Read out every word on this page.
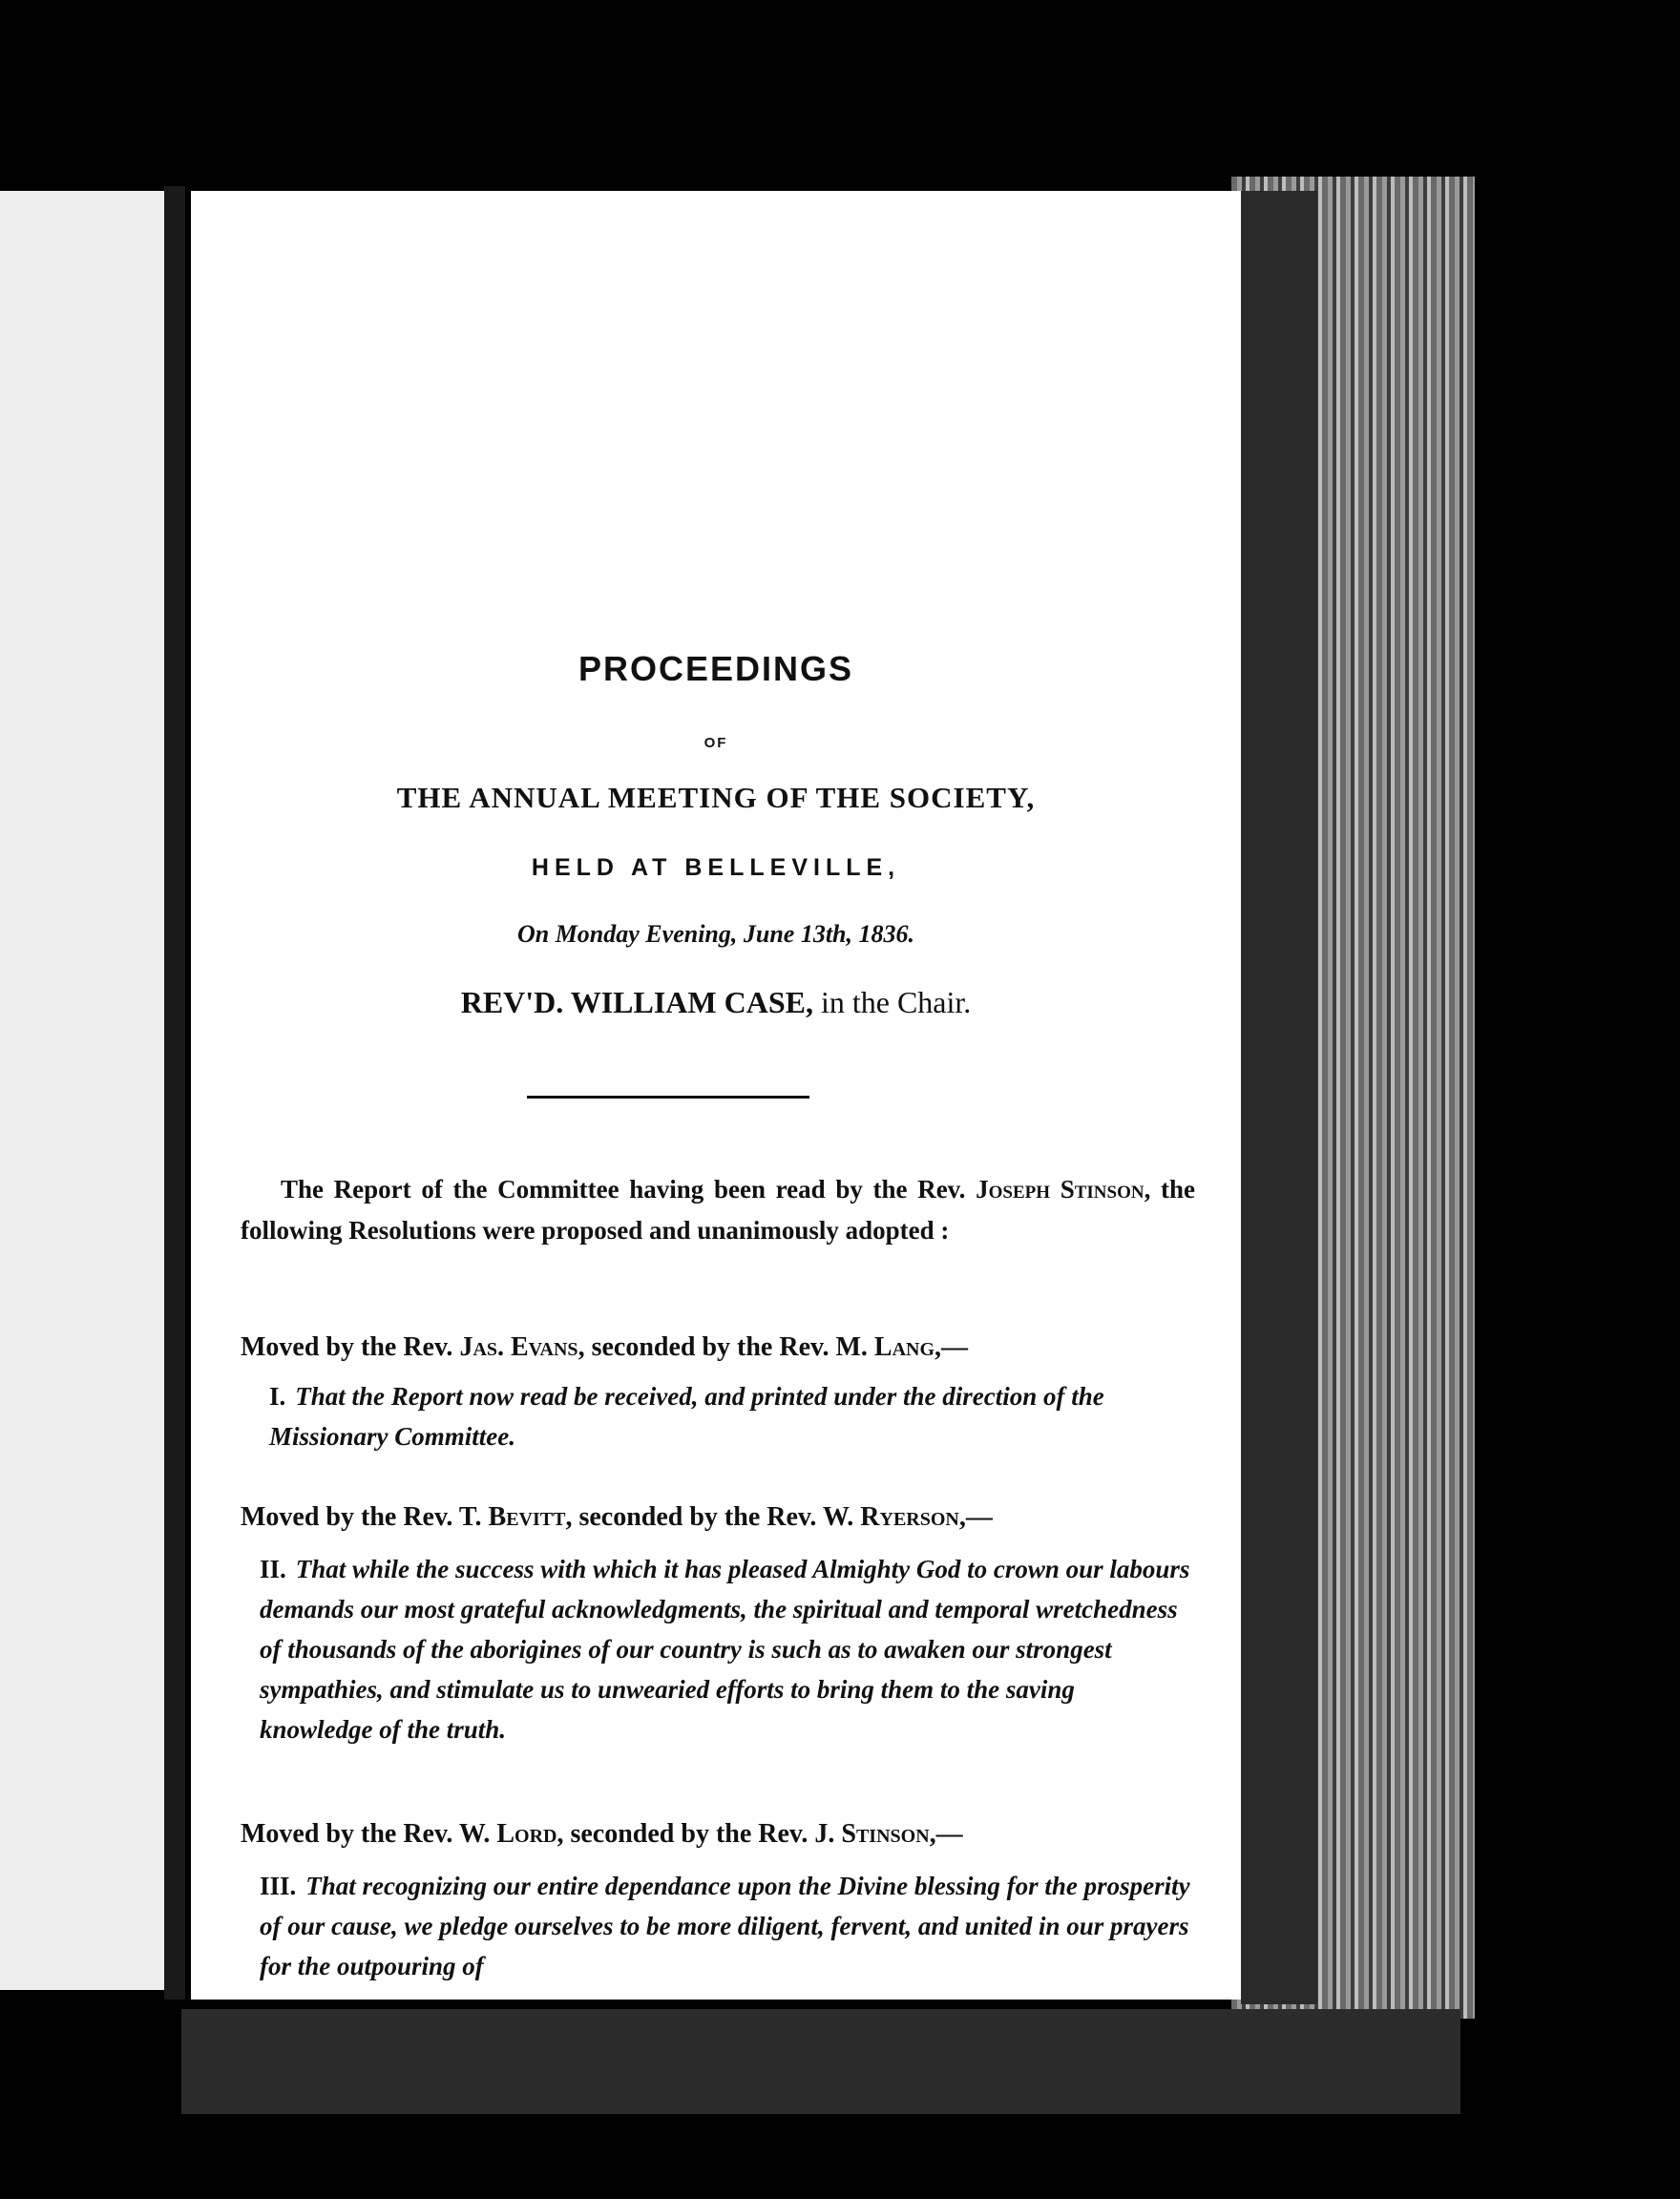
PROCEEDINGS
OF
THE ANNUAL MEETING OF THE SOCIETY,
HELD AT BELLEVILLE,
On Monday Evening, June 13th, 1836.
REV'D. WILLIAM CASE, in the Chair.
The Report of the Committee having been read by the Rev. Joseph Stinson, the following Resolutions were proposed and unanimously adopted :
Moved by the Rev. Jas. Evans, seconded by the Rev. M. Lang,—
I. That the Report now read be received, and printed under the direction of the Missionary Committee.
Moved by the Rev. T. Bevitt, seconded by the Rev. W. Ryerson,—
II. That while the success with which it has pleased Almighty God to crown our labours demands our most grateful acknowledgments, the spiritual and temporal wretchedness of thousands of the aborigines of our country is such as to awaken our strongest sympathies, and stimulate us to unwearied efforts to bring them to the saving knowledge of the truth.
Moved by the Rev. W. Lord, seconded by the Rev. J. Stinson,—
III. That recognizing our entire dependance upon the Divine blessing for the prosperity of our cause, we pledge ourselves to be more diligent, fervent, and united in our prayers for the outpouring of
